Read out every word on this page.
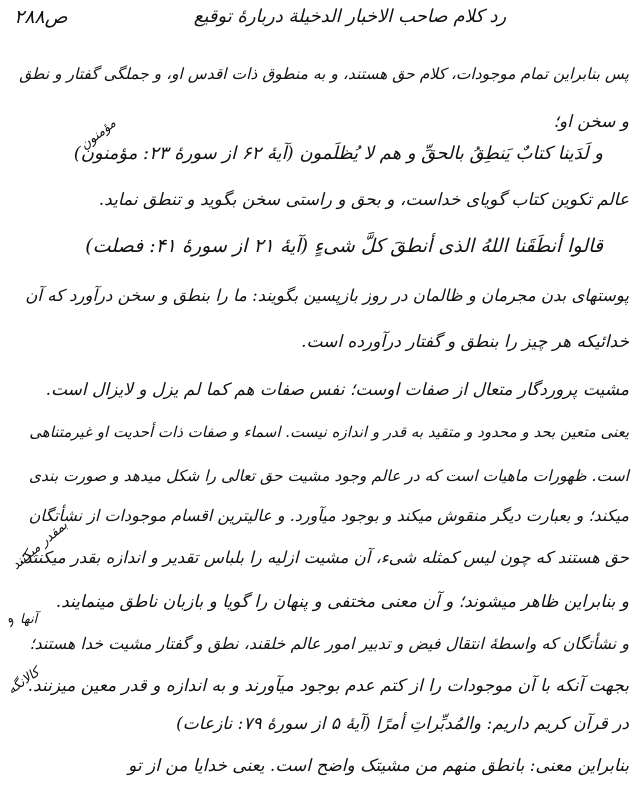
ص۲۸۸	رد کلام صاحب الاخبار الدخیلة دربارهٔ توقیع
پس بنابراین تمام موجودات، کلام حق هستند، و به منطوق ذات اقدس او، و جملگی گفتار و نطق
و سخن او؛
و لَدَینا کتابٌ یَنطِقُ بالحقِّ و هم لا یُظلَمون (آیهٔ ۶۲ از سورهٔ ۲۳: مؤمنون)
عالم تکوین کتاب گویای خداست، و بحق و راستی سخن بگوید و تنطق نماید.
قالوا أنطَقَنا اللهُ الذی أنطقَ کلَّ شیءٍ (آیهٔ ۲۱ از سورهٔ ۴۱: فصلت)
پوستهای بدن مجرمان و ظالمان در روز بازپسین بگویند: ما را بنطق و سخن درآورد که آن
خدائیکه هر چیز را بنطق و گفتار درآورده است.
مشیت پروردگار متعال از صفات اوست؛ نفس صفات هم کما لم یزل و لایزال است.
یعنی متعین بحد و محدود و متقید به قدر و اندازه نیست. اسماء و صفات ذات أحدیت او غیرمتناهی
است. ظهورات ماهیات است که در عالم وجود مشیت حق تعالی را شکل میدهد و صورت بندی
میکند؛ و بعبارت دیگر منقوش میکند و بوجود میآورد. و عالیترین اقسام موجودات از نشأتگان
حق هستند که چون لیس کمثله شیء، آن مشیت ازلیه را بلباس تقدیر و اندازه بقدر میکنند؛
و بنابراین ظاهر میشوند؛ و آن معنی مختفی و پنهان را گویا و بازبان ناطق مینمایند.
و نشأتگان که واسطهٔ انتقال فیض و تدبیر امور عالم خلقند، نطق و گفتار مشیت خدا هستند؛
بجهت آنکه با آن موجودات را از کتم عدم بوجود میآورند و به اندازه و قدر معین میزنند.
در قرآن کریم داریم: والمُدبِّراتِ أمرًا (آیهٔ ۵ از سورهٔ ۷۹: نازعات)
بنابراین معنی: بانطق منهم من مشیتک واضح است. یعنی خدایا من از تو
مؤمنون
بمقدر میکنند
آنها
و
کالانگه
